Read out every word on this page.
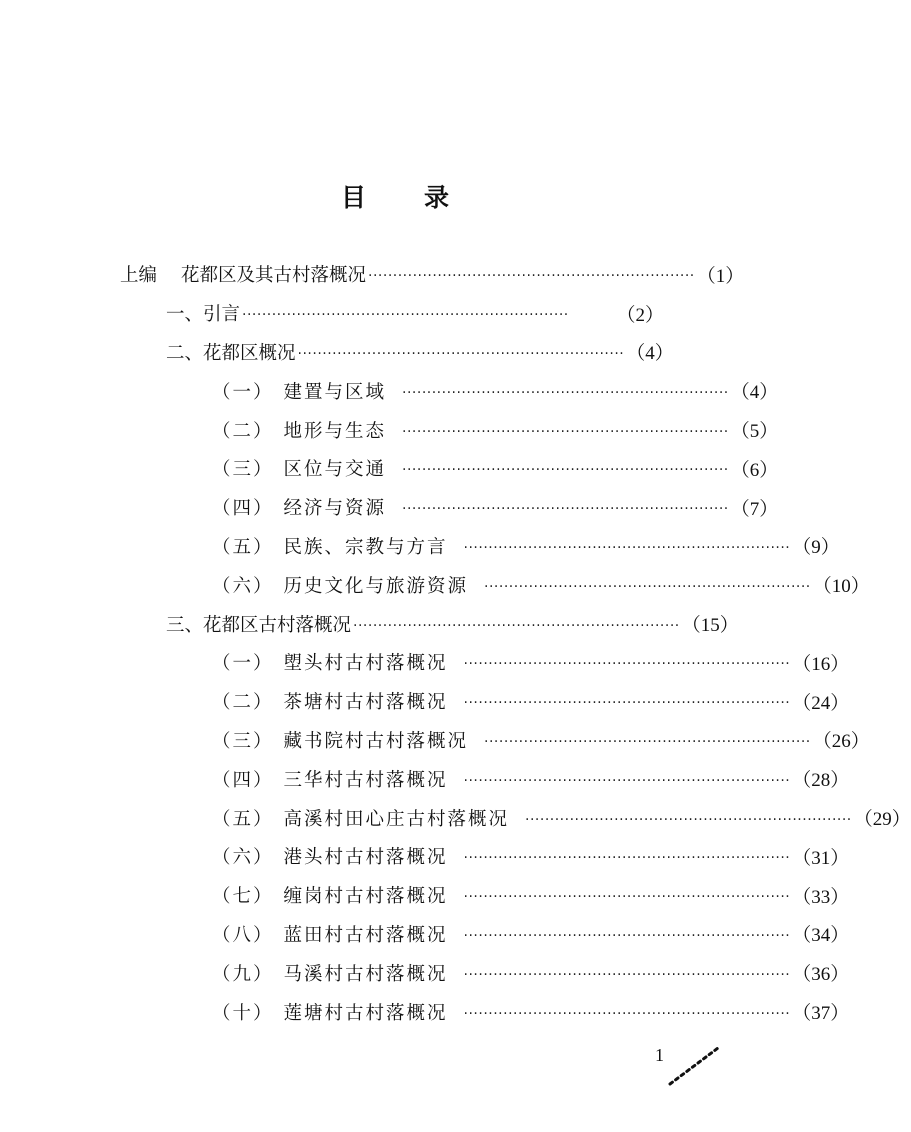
目 录
上编 花都区及其古村落概况 ·································································· （1）
一、引言 ··································································	（2）
二、花都区概况 ·································································· （4）
（一） 建置与区域	·································································· （4）
（二） 地形与生态	·································································· （5）
（三） 区位与交通	·································································· （6）
（四） 经济与资源	·································································· （7）
（五） 民族、宗教与方言	·································································· （9）
（六） 历史文化与旅游资源	·································································· （10）
三、花都区古村落概况 ·································································· （15）
（一） 塱头村古村落概况	·································································· （16）
（二） 茶塘村古村落概况	·································································· （24）
（三） 藏书院村古村落概况	·································································· （26）
（四） 三华村古村落概况	·································································· （28）
（五） 高溪村田心庄古村落概况	·································································· （29）
（六） 港头村古村落概况	·································································· （31）
（七） 缠岗村古村落概况	·································································· （33）
（八） 蓝田村古村落概况	·································································· （34）
（九） 马溪村古村落概况	·································································· （36）
（十） 莲塘村古村落概况	·································································· （37）
1
